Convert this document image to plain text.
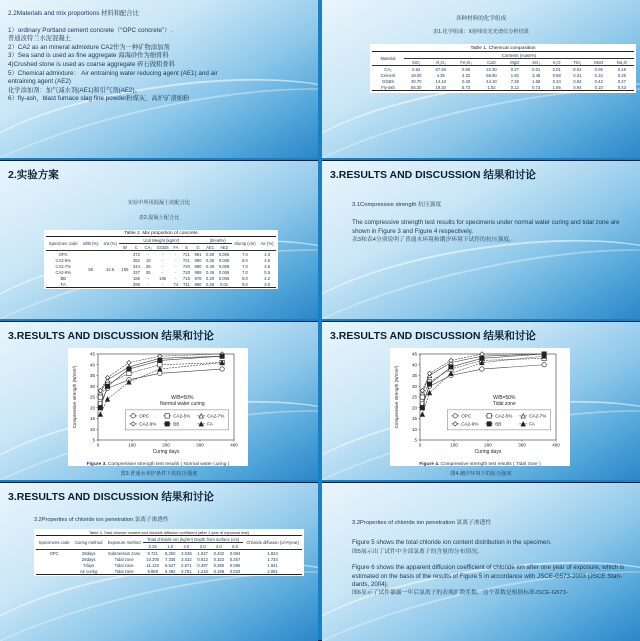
2.2Materials and mix proportions 材料和配合比
1）ordinary Portland cement concrete（“OPC concrete”）.
普通波特兰水泥混凝土
2）CA2 as an mineral admixture CA2作为一种矿物添加剂
3）Sea sand is used as fine aggregate 海海砂作为细骨料
4)Crushed stone is used as coarse aggregate 碎石做粗骨料
5）Chemical admixture： Air entraining water reducing agent (AE1) and air
entraining agent (AE2)
化学添加剂：加气减水剂(AE1)和引气剂(AE2)。
6）fly-ash，blast furnace slag fine powder粉煤灰，高炉矿渣细粉
各种材料的化学组成
表1.化学组成：X射线荧光光谱仪分析结果
Table 1. Chemical composition
Material	Contents (mass%)									
	SiO₂	Al₂O₃	Fe₂O₃	CaO	MgO	SO₃	K₂O	TiO₂	MnO	Na₂O
CA₂	0.62	67.60	0.65	22.30	0.27	0.01	0.01	0.02	0.05	0.19
Cement	18.00	4.35	4.32	66.60	1.50	3.49	0.58	0.31	0.10	0.26
GGBS	30.70	14.10	0.40	44.10	7.29	1.68	0.34	0.63	0.42	0.27
Fly-ash	65.30	19.20	5.73	1.52	0.12	0.73	1.65	0.94	0.10	0.43
2.实验方案
实验中所用混凝土的配合比
表2.混凝土配合比
Table 2. Mix proportion of concrete
Specimen code	W/B (%)	s/a (%)	Unit Weight (kg/m³)							(B×wt%)		Slump (cm)	Air (%)
			W	C	CA₂	GGBS	FA	S	G	AE1	AE2		
OPC	50	42.5	165	372	-	-	-	721	991	0.30	0.006	7.0	4.3
CA2-5%				352	19	-	-	721	990	0.35	0.006	8.0	4.5
CA2-7%				344	28	-	-	720	990	0.40	0.006	7.0	4.5
CA2-9%				337	35	-	-	720	989	0.45	0.006	7.0	5.5
BB				185	-	185	-	715	978	0.20	0.006	8.0	4.2
FA				296	-	-	74	711	960	0.25	0.01	9.0	3.0
3.RESULTS AND DISCUSSION 结果和讨论
3.1Compressive strength 抗压强度
The compressive strength test results for specimens under normal water curing and tidal zone are shown in Figure 3 and Figure 4 respectively.
表3和表4分别说明了普通水环境和潮汐环境下试件的抗压强度。
3.RESULTS AND DISCUSSION 结果和讨论
5
10
15
20
25
30
35
40
45
0	100	200	300	400
Curing days
Compressive strength (N/mm²)	W/B=50%
Normal water curing
OPC	CA2-5%	CA2-7%
CA2-9%	BB	FA
Figure 3. Compressive strength test results ( Normal water curing )
图3.普通水养护条件下的抗压强度
3.RESULTS AND DISCUSSION 结果和讨论
5
10
15
20
25
30
35
40
45
0	100	200	300	400
Curing days
Compressive strength (N/mm²)	W/B=50%
Tidal zone
OPC	CA2-5%	CA2-7%
CA2-9%	BB	FA
Figure 4. Compressive strength test results ( Tidal zone )
图4.潮汐环境下的抗压强度
3.RESULTS AND DISCUSSION 结果和讨论
3.2Properties of chloride ion penetration 氯离子渗透性
Table 3. Total chloride content and chloride diffusion coefficient (after 1 year of exposure test)
Specimens code	Curing method	Exposure method	Total chloride ion (kg/m³) Depth from surface (cm)						Chloride diffusion (cm²/year)
			0.25	1.0	2.0	3.0	4.0	5.0	
OPC	28days	Submersion zone	9.721	6.250	3.538	1.027	0.432	0.094	1.824
	28days	Tidal zone	10.200	7.335	3.432	0.813	0.322	0.267	1.734
	7days	Tidal zone	11.120	5.547	2.671	0.497	0.390	0.095	1.941
	Air curing	Tidal zone	9.859	5.482	3.751	1.216	0.198	0.034	2.081
3.2Properties of chloride ion penetration 氯离子渗透性
Figure 5 shows the total chloride ion content distribution in the specimen.
图5展示出了试件中全部氯离子的含量的分布情况。
Figure 6 shows the apparent diffusion coefficient of chloride ion after one year of exposure, which is estimated on the basis of the results of Figure 5 in accordance with JSCE-G573-2003 (JSCE Stan-dards, 2004).
图6显示了试件暴露一年后氯离子的表观扩散系数，这个系数是根据标准JSCE-G573-
